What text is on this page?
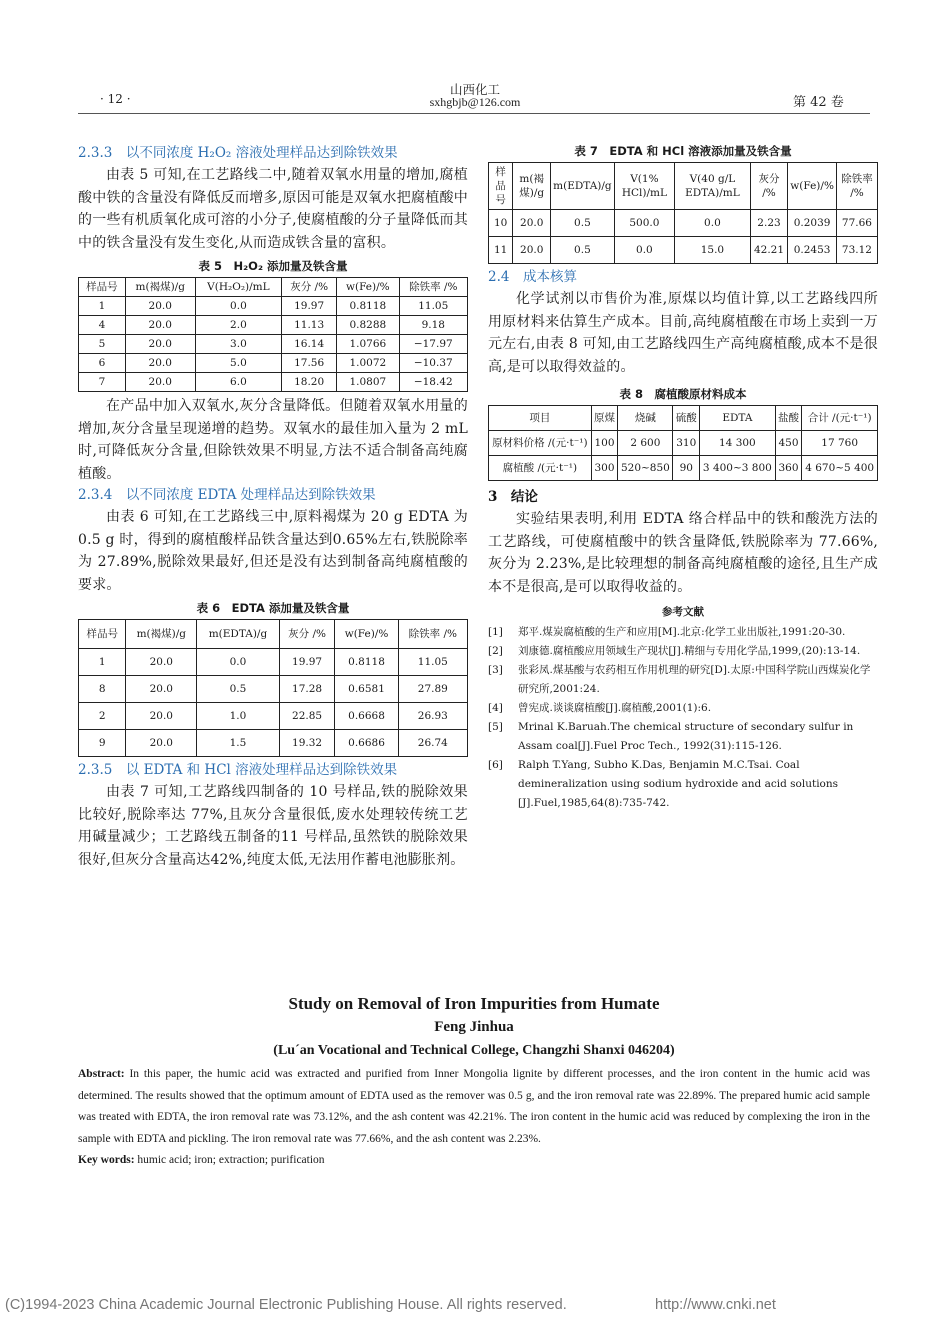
· 12 ·
山西化工
sxhgbjb@126.com	第 42 卷

2.3.3　以不同浓度 H₂O₂ 溶液处理样品达到除铁效果

由表 5 可知,在工艺路线二中,随着双氧水用量的增加,腐植酸中铁的含量没有降低反而增多,原因可能是双氧水把腐植酸中的一些有机质氧化成可溶的小分子,使腐植酸的分子量降低而其中的铁含量没有发生变化,从而造成铁含量的富积。

表 5　H₂O₂ 添加量及铁含量
样品号	m(褐煤)/g	V(H₂O₂)/mL	灰分 /%	w(Fe)/%	除铁率 /%
1	20.0	0.0	19.97	0.8118	11.05
4	20.0	2.0	11.13	0.8288	9.18
5	20.0	3.0	16.14	1.0766	−17.97
6	20.0	5.0	17.56	1.0072	−10.37
7	20.0	6.0	18.20	1.0807	−18.42

在产品中加入双氧水,灰分含量降低。但随着双氧水用量的增加,灰分含量呈现递增的趋势。双氧水的最佳加入量为 2 mL 时,可降低灰分含量,但除铁效果不明显,方法不适合制备高纯腐植酸。

2.3.4　以不同浓度 EDTA 处理样品达到除铁效果

由表 6 可知,在工艺路线三中,原料褐煤为 20 g EDTA 为 0.5 g 时，得到的腐植酸样品铁含量达到0.65%左右,铁脱除率为 27.89%,脱除效果最好,但还是没有达到制备高纯腐植酸的要求。

表 6　EDTA 添加量及铁含量
样品号	m(褐煤)/g	m(EDTA)/g	灰分 /%	w(Fe)/%	除铁率 /%
1	20.0	0.0	19.97	0.8118	11.05
8	20.0	0.5	17.28	0.6581	27.89
2	20.0	1.0	22.85	0.6668	26.93
9	20.0	1.5	19.32	0.6686	26.74

2.3.5　以 EDTA 和 HCl 溶液处理样品达到除铁效果

由表 7 可知,工艺路线四制备的 10 号样品,铁的脱除效果比较好,脱除率达 77%,且灰分含量很低,废水处理较传统工艺用碱量减少；工艺路线五制备的11 号样品,虽然铁的脱除效果很好,但灰分含量高达42%,纯度太低,无法用作蓄电池膨胀剂。

表 7　EDTA 和 HCl 溶液添加量及铁含量
样品号	m(褐煤)/g	m(EDTA)/g	V(1% HCl)/mL	V(40 g/L EDTA)/mL	灰分 /%	w(Fe)/%	除铁率 /%
10	20.0	0.5	500.0	0.0	2.23	0.2039	77.66
11	20.0	0.5	0.0	15.0	42.21	0.2453	73.12

2.4　成本核算

化学试剂以市售价为准,原煤以均值计算,以工艺路线四所用原材料来估算生产成本。目前,高纯腐植酸在市场上卖到一万元左右,由表 8 可知,由工艺路线四生产高纯腐植酸,成本不是很高,是可以取得效益的。

表 8　腐植酸原材料成本
项目	原煤	烧碱	硫酸	EDTA	盐酸	合计 /(元·t⁻¹)
原材料价格 /(元·t⁻¹)	100	2 600	310	14 300	450	17 760
腐植酸 /(元·t⁻¹)	300	520~850	90	3 400~3 800	360	4 670~5 400

3　结论

实验结果表明,利用 EDTA 络合样品中的铁和酸洗方法的工艺路线，可使腐植酸中的铁含量降低,铁脱除率为 77.66%,灰分为 2.23%,是比较理想的制备高纯腐植酸的途径,且生产成本不是很高,是可以取得收益的。

参考文献
[1]	郑平.煤炭腐植酸的生产和应用[M].北京:化学工业出版社,1991:20-30.
[2]	刘康德.腐植酸应用领域生产现状[J].精细与专用化学品,1999,(20):13-14.
[3]	张彩凤.煤基酸与农药相互作用机理的研究[D].太原:中国科学院山西煤炭化学研究所,2001:24.
[4]	曾宪成.谈谈腐植酸[J].腐植酸,2001(1):6.
[5]	Mrinal K.Baruah.The chemical structure of secondary sulfur in Assam coal[J].Fuel Proc Tech., 1992(31):115-126.
[6]	Ralph T.Yang, Subho K.Das, Benjamin M.C.Tsai. Coal demineralization using sodium hydroxide and acid solutions [J].Fuel,1985,64(8):735-742.
Study on Removal of Iron Impurities from Humate
Feng Jinhua
(Lu´an Vocational and Technical College, Changzhi Shanxi 046204)

Abstract: In this paper, the humic acid was extracted and purified from Inner Mongolia lignite by different processes, and the iron content in the humic acid was determined. The results showed that the optimum amount of EDTA used as the remover was 0.5 g, and the iron removal rate was 22.89%. The prepared humic acid sample was treated with EDTA, the iron removal rate was 73.12%, and the ash content was 42.21%. The iron content in the humic acid was reduced by complexing the iron in the sample with EDTA and pickling. The iron removal rate was 77.66%, and the ash content was 2.23%.

Key words: humic acid; iron; extraction; purification

(C)1994-2023 China Academic Journal Electronic Publishing House. All rights reserved.	http://www.cnki.net
